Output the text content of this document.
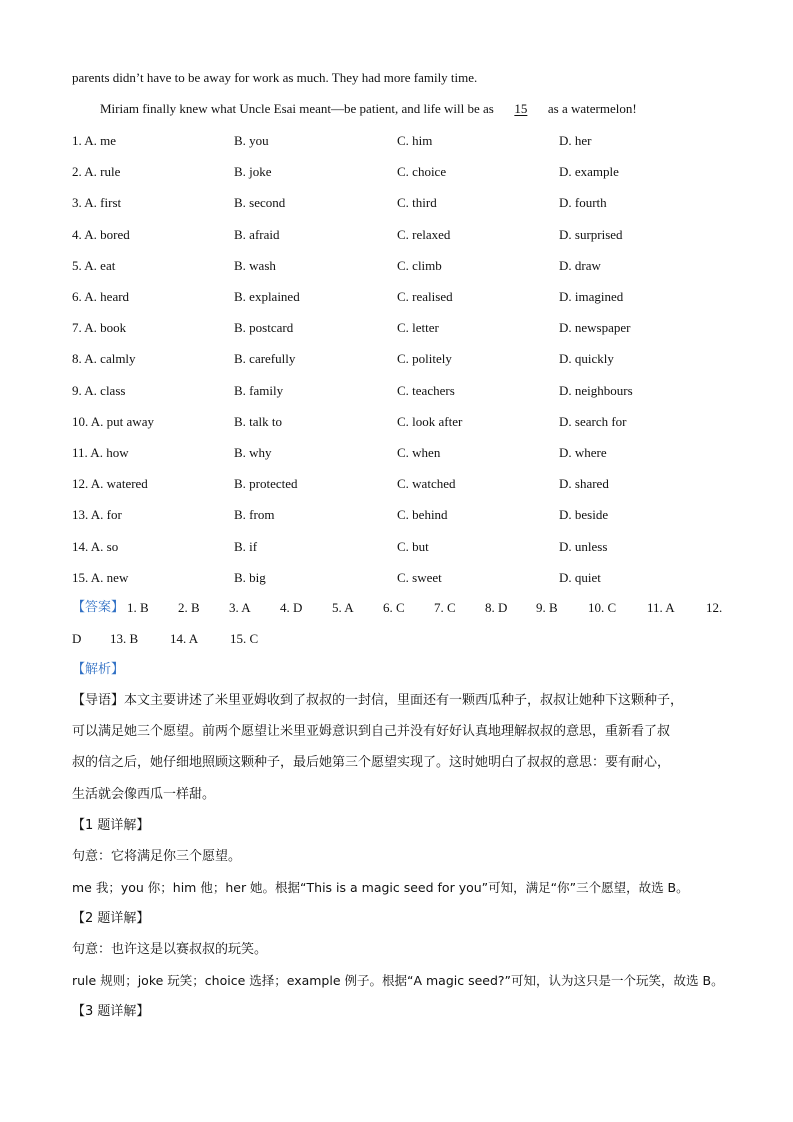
parents didn’t have to be away for work as much. They had more family time.
Miriam finally knew what Uncle Esai meant—be patient, and life will be as      15      as a watermelon!
1. A. me	B. you	C. him	D. her
2. A. rule	B. joke	C. choice	D. example
3. A. first	B. second	C. third	D. fourth
4. A. bored	B. afraid	C. relaxed	D. surprised
5. A. eat	B. wash	C. climb	D. draw
6. A. heard	B. explained	C. realised	D. imagined
7. A. book	B. postcard	C. letter	D. newspaper
8. A. calmly	B. carefully	C. politely	D. quickly
9. A. class	B. family	C. teachers	D. neighbours
10. A. put away	B. talk to	C. look after	D. search for
11. A. how	B. why	C. when	D. where
12. A. watered	B. protected	C. watched	D. shared
13. A. for	B. from	C. behind	D. beside
14. A. so	B. if	C. but	D. unless
15. A. new	B. big	C. sweet	D. quiet
【答案】 1. B 2. B 3. A 4. D 5. A 6. C 7. C 8. D 9. B 10. C 11. A 12.
D 13. B 14. A 15. C
【解析】
【导语】本文主要讲述了米里亚姆收到了叔叔的一封信，里面还有一颗西瓜种子，叔叔让她种下这颗种子，
可以满足她三个愿望。前两个愿望让米里亚姆意识到自己并没有好好认真地理解叔叔的意思，重新看了叔
叔的信之后，她仔细地照顾这颗种子，最后她第三个愿望实现了。这时她明白了叔叔的意思：要有耐心，
生活就会像西瓜一样甜。
【1 题详解】
句意：它将满足你三个愿望。
me 我；you 你；him 他；her 她。根据“This is a magic seed for you”可知，满足“你”三个愿望，故选 B。
【2 题详解】
句意：也许这是以赛叔叔的玩笑。
rule 规则；joke 玩笑；choice 选择；example 例子。根据“A magic seed?”可知，认为这只是一个玩笑，故选 B。
【3 题详解】
